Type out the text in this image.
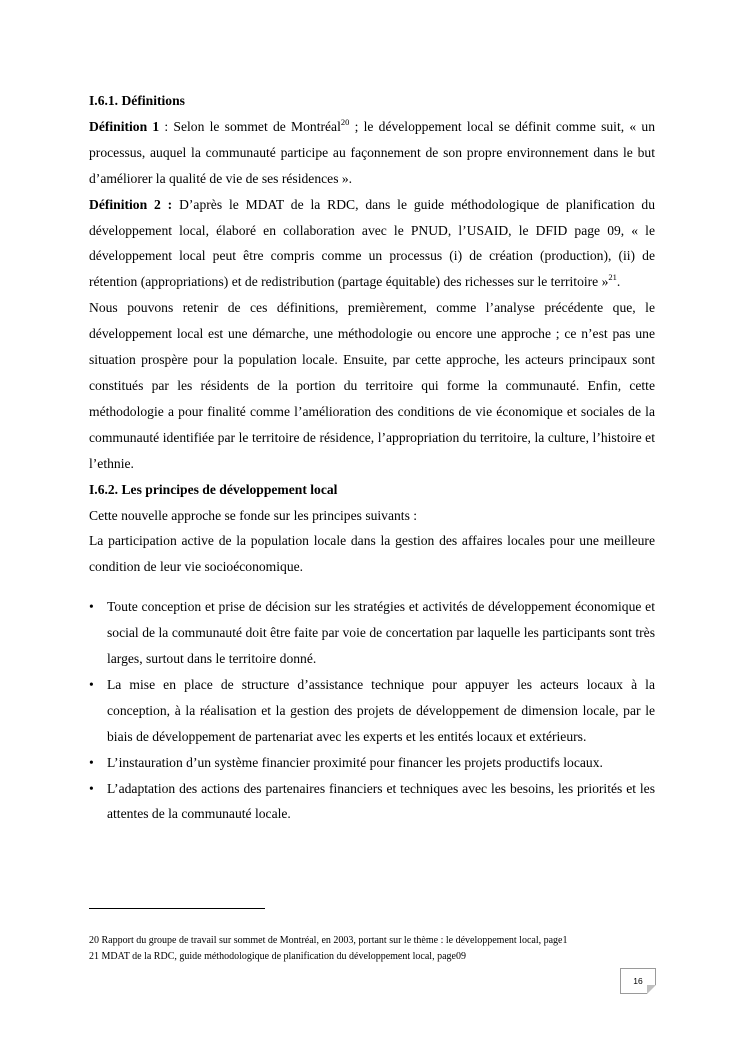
I.6.1. Définitions

Définition 1 : Selon le sommet de Montréal$^{20}$ ; le développement local se définit comme suit, « un processus, auquel la communauté participe au façonnement de son propre environnement dans le but d’améliorer la qualité de vie de ses résidences ».

Définition 2 : D’après le MDAT de la RDC, dans le guide méthodologique de planification du développement local, élaboré en collaboration avec le PNUD, l’USAID, le DFID page 09, « le développement local peut être compris comme un processus (i) de création (production), (ii) de rétention (appropriations) et de redistribution (partage équitable) des richesses sur le territoire »$^{21}$.

Nous pouvons retenir de ces définitions, premièrement, comme l’analyse précédente que, le développement local est une démarche, une méthodologie ou encore une approche ; ce n’est pas une situation prospère pour la population locale. Ensuite, par cette approche, les acteurs principaux sont constitués par les résidents de la portion du territoire qui forme la communauté. Enfin, cette méthodologie a pour finalité comme l’amélioration des conditions de vie économique et sociales de la communauté identifiée par le territoire de résidence, l’appropriation du territoire, la culture, l’histoire et l’ethnie.

I.6.2. Les principes de développement local

Cette nouvelle approche se fonde sur les principes suivants :

La participation active de la population locale dans la gestion des affaires locales pour une meilleure condition de leur vie socioéconomique.

• Toute conception et prise de décision sur les stratégies et activités de développement économique et social de la communauté doit être faite par voie de concertation par laquelle les participants sont très larges, surtout dans le territoire donné.
• La mise en place de structure d’assistance technique pour appuyer les acteurs locaux à la conception, à la réalisation et la gestion des projets de développement de dimension locale, par le biais de développement de partenariat avec les experts et les entités locaux et extérieurs.
• L’instauration d’un système financier proximité pour financer les projets productifs locaux.
• L’adaptation des actions des partenaires financiers et techniques avec les besoins, les priorités et les attentes de la communauté locale.
20 Rapport du groupe de travail sur sommet de Montréal, en 2003, portant sur le thème : le développement local, page1
21 MDAT de la RDC, guide méthodologique de planification du développement local, page09
16
